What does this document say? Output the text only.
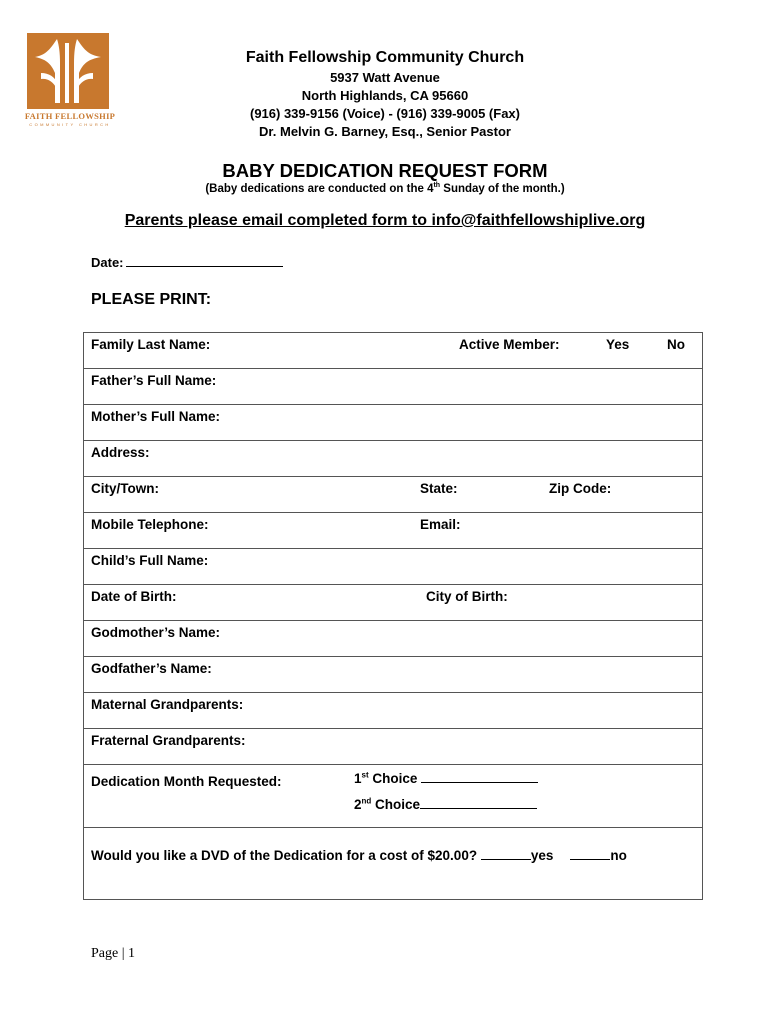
FAITH FELLOWSHIP
COMMUNITY CHURCH
Faith Fellowship Community Church
5937 Watt Avenue
North Highlands, CA 95660
(916) 339-9156 (Voice) - (916) 339-9005 (Fax)
Dr. Melvin G. Barney, Esq., Senior Pastor
BABY DEDICATION REQUEST FORM
(Baby dedications are conducted on the 4th Sunday of the month.)
Parents please email completed form to info@faithfellowshiplive.org
Date:
PLEASE PRINT:
Family Last Name:	Active Member:	Yes	No

Father’s Full Name:

Mother’s Full Name:

Address:

City/Town:	State:	Zip Code:

Mobile Telephone:	Email:

Child’s Full Name:

Date of Birth:	City of Birth:

Godmother’s Name:

Godfather’s Name:

Maternal Grandparents:

Fraternal Grandparents:

Dedication Month Requested:	1st Choice
2nd Choice

Would you like a DVD of the Dedication for a cost of $20.00?	yes	no
Page | 1
